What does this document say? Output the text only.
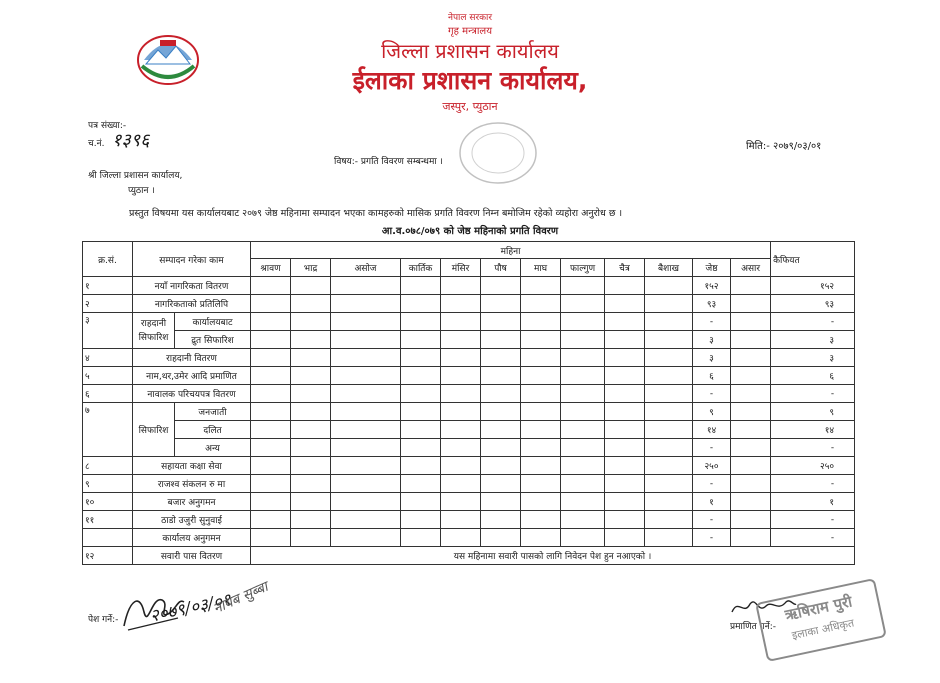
नेपाल सरकार
गृह मन्त्रालय
जिल्ला प्रशासन कार्यालय
ईलाका प्रशासन कार्यालय,
जस्पुर, प्युठान
पत्र संख्या:-
च.नं. १३९६	मिति:- २०७९/०३/०१
विषय:- प्रगति विवरण सम्बन्धमा ।
श्री जिल्ला प्रशासन कार्यालय,
प्युठान ।
प्रस्तुत विषयमा यस कार्यालयबाट २०७९ जेष्ठ महिनामा सम्पादन भएका कामहरुको मासिक प्रगति विवरण निम्न बमोजिम रहेको व्यहोरा अनुरोध छ ।
आ.व.०७८/०७९ को जेष्ठ महिनाको प्रगति विवरण
क्र.सं.	सम्पादन गरेका काम		महिना												कैफियत
			श्रावण	भाद्र	असोज	कार्तिक	मंसिर	पौष	माघ	फाल्गुण	चैत्र	बैशाख	जेष्ठ	असार	
१	नयाँ नागरिकता वितरण												१५२		१५२
२	नागरिकताको प्रतिलिपि												९३		९३
३	राहदानी सिफारिश	कार्यालयबाट											-		-
		द्रुत सिफारिश											३		३
४	राहदानी वितरण												३		३
५	नाम,थर,उमेर आदि प्रमाणित												६		६
६	नावालक परिचयपत्र वितरण												-		-
७	सिफारिश	जनजाती											९		९
		दलित											१४		१४
		अन्य											-		-
८	सहायता कक्षा सेवा												२५०		२५०
९	राजश्व संकलन रु मा												-		-
१०	बजार अनुगमन												१		१
११	ठाडो उजुरी सुनुवाई												-		-
	कार्यालय अनुगमन												-		-
१२	सवारी पास वितरण		यस महिनामा सवारी पासको लागि निवेदन पेश हुन नआएको ।												
पेश गर्ने:- २०७९/०३/०१
नायब सुब्बा
प्रमाणित गर्ने:-
ऋषिराम पुरी
इलाका अधिकृत
